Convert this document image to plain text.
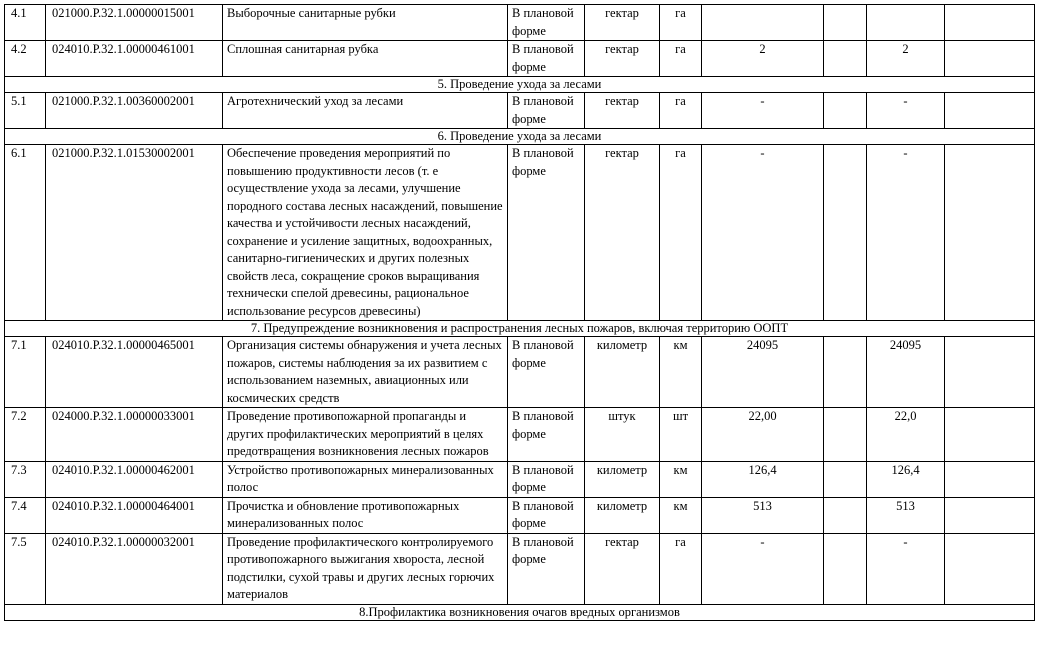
4.1	021000.Р.32.1.00000015001	Выборочные санитарные рубки	В плановой форме	гектар	га				
4.2	024010.Р.32.1.00000461001	Сплошная санитарная рубка	В плановой форме	гектар	га	2		2	
5. Проведение ухода за лесами									
5.1	021000.Р.32.1.00360002001	Агротехнический уход за лесами	В плановой форме	гектар	га	-		-	
6. Проведение ухода за лесами									
6.1	021000.Р.32.1.01530002001	Обеспечение проведения мероприятий по повышению продуктивности лесов (т. е осуществление ухода за лесами, улучшение породного состава лесных насаждений, повышение качества и устойчивости лесных насаждений, сохранение и усиление защитных, водоохранных, санитарно-гигиенических и других полезных свойств леса, сокращение сроков выращивания технически спелой древесины, рациональное использование ресурсов древесины)	В плановой форме	гектар	га	-		-	
7. Предупреждение возникновения и распространения лесных пожаров, включая территорию ООПТ									
7.1	024010.Р.32.1.00000465001	Организация системы обнаружения и учета лесных пожаров, системы наблюдения за их развитием с использованием наземных, авиационных или космических средств	В плановой форме	километр	км	24095		24095	
7.2	024000.Р.32.1.00000033001	Проведение противопожарной пропаганды и других профилактических мероприятий в целях предотвращения возникновения лесных пожаров	В плановой форме	штук	шт	22,00		22,0	
7.3	024010.Р.32.1.00000462001	Устройство противопожарных минерализованных полос	В плановой форме	километр	км	126,4		126,4	
7.4	024010.Р.32.1.00000464001	Прочистка и обновление противопожарных минерализованных полос	В плановой форме	километр	км	513		513	
7.5	024010.Р.32.1.00000032001	Проведение профилактического контролируемого противопожарного выжигания хвороста, лесной подстилки, сухой травы и других лесных горючих материалов	В плановой форме	гектар	га	-		-	
8.Профилактика возникновения очагов вредных организмов									
